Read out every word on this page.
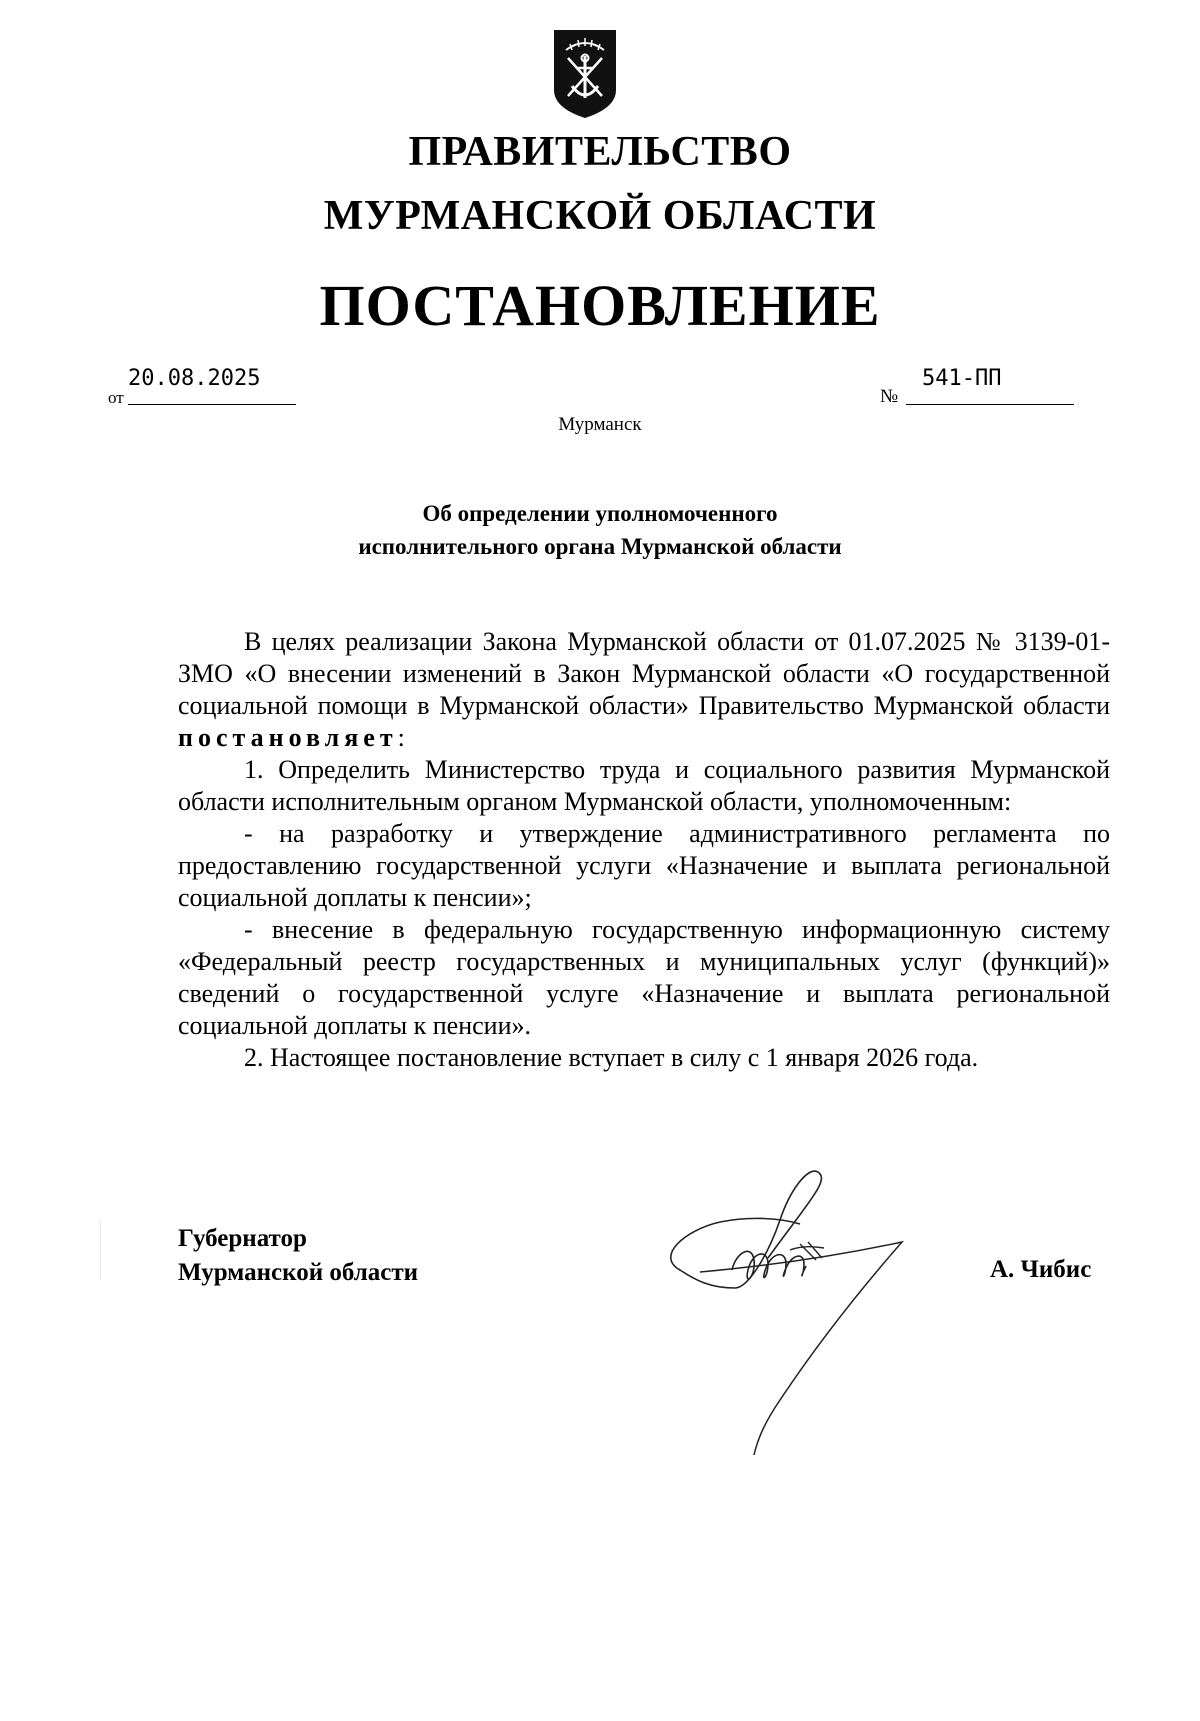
ПРАВИТЕЛЬСТВО
МУРМАНСКОЙ ОБЛАСТИ
ПОСТАНОВЛЕНИЕ
от
20.08.2025
№
541-ПП
Мурманск
Об определении уполномоченного
исполнительного органа Мурманской области

В целях реализации Закона Мурманской области от 01.07.2025 № 3139-01-ЗМО «О внесении изменений в Закон Мурманской области «О государственной социальной помощи в Мурманской области» Правительство Мурманской области постановляет:

1. Определить Министерство труда и социального развития Мурманской области исполнительным органом Мурманской области, уполномоченным:

- на разработку и утверждение административного регламента по предоставлению государственной услуги «Назначение и выплата региональной социальной доплаты к пенсии»;

- внесение в федеральную государственную информационную систему «Федеральный реестр государственных и муниципальных услуг (функций)» сведений о государственной услуге «Назначение и выплата региональной социальной доплаты к пенсии».

2. Настоящее постановление вступает в силу с 1 января 2026 года.

Губернатор
Мурманской области	А. Чибис
